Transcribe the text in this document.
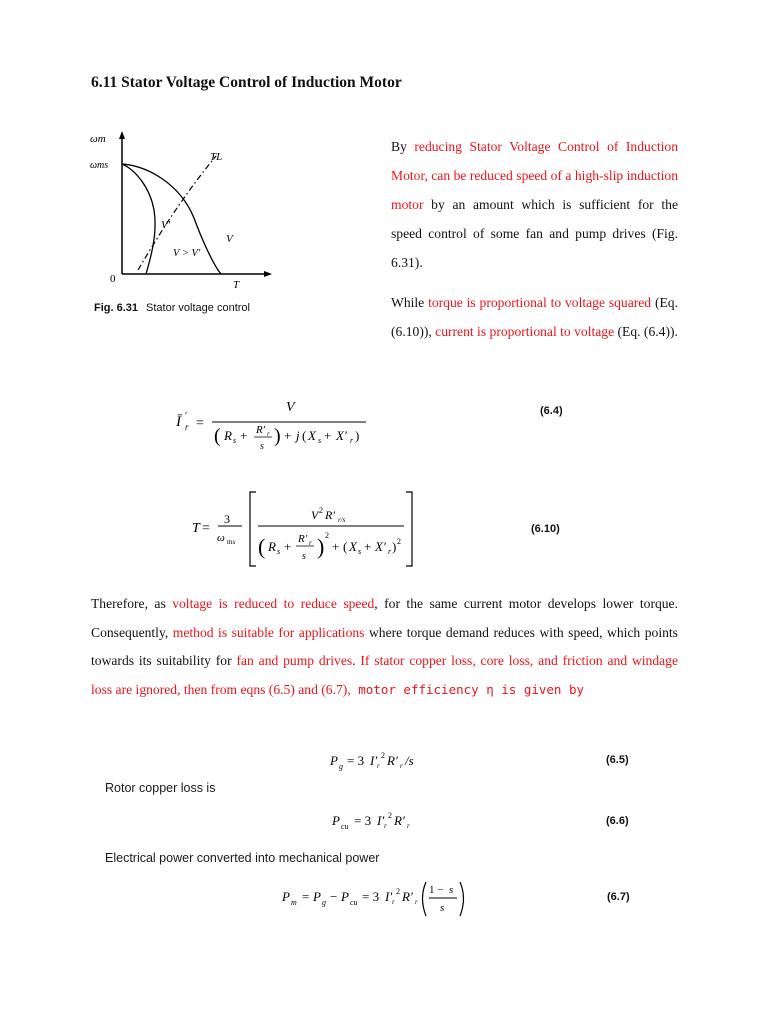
6.11 Stator Voltage Control of Induction Motor
ωm
ωms
0	T
TL
V′
V
V > V′
Fig. 6.31 Stator voltage control
By reducing Stator Voltage Control of Induction Motor, can be reduced speed of a high-slip induction motor by an amount which is sufficient for the speed control of some fan and pump drives (Fig. 6.31).
While torque is proportional to voltage squared (Eq. (6.10)), current is proportional to voltage (Eq. (6.4)).
Ī r
′ =
V
( R s + R′ r
s ) + j ( X s + X′ r )
(6.4)
T =
3
ω ms
V 2 R′ r/s
( R s + R′ r
s ) 2
+ ( X s + X′ r ) 2
(6.10)
Therefore, as voltage is reduced to reduce speed, for the same current motor develops lower torque. Consequently, method is suitable for applications where torque demand reduces with speed, which points towards its suitability for fan and pump drives. If stator copper loss, core loss, and friction and windage loss are ignored, then from eqns (6.5) and (6.7), motor efficiency η is given by
P g = 3 I′ r
2 R′ r /s	(6.5)
Rotor copper loss is
P cu = 3 I′ r
2 R′ r	(6.6)
Electrical power converted into mechanical power
P m = P g − P cu = 3 I′ r
2 R′ r
1 − s
s
(6.7)
